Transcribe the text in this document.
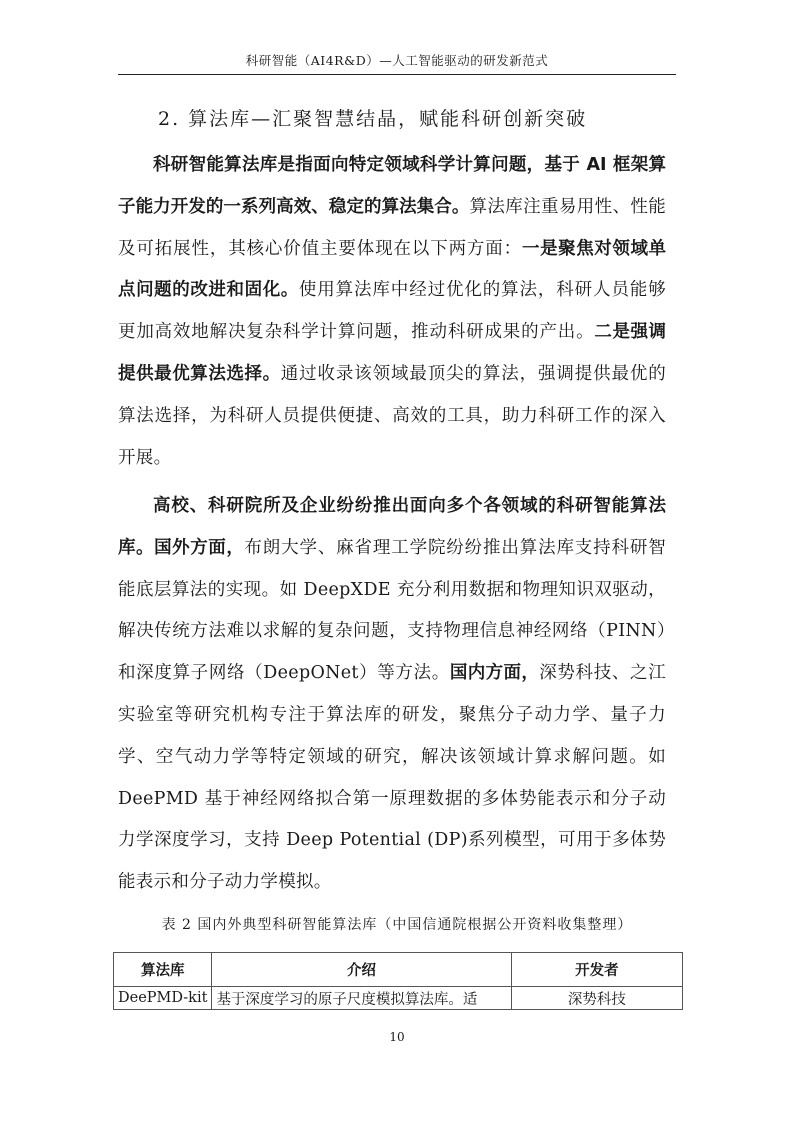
科研智能（AI4R&D）—人工智能驱动的研发新范式
2. 算法库—汇聚智慧结晶，赋能科研创新突破

科研智能算法库是指面向特定领域科学计算问题，基于 AI 框架算子能力开发的一系列高效、稳定的算法集合。算法库注重易用性、性能及可拓展性，其核心价值主要体现在以下两方面：一是聚焦对领域单点问题的改进和固化。使用算法库中经过优化的算法，科研人员能够更加高效地解决复杂科学计算问题，推动科研成果的产出。二是强调提供最优算法选择。通过收录该领域最顶尖的算法，强调提供最优的算法选择，为科研人员提供便捷、高效的工具，助力科研工作的深入开展。

高校、科研院所及企业纷纷推出面向多个各领域的科研智能算法库。国外方面，布朗大学、麻省理工学院纷纷推出算法库支持科研智能底层算法的实现。如 DeepXDE 充分利用数据和物理知识双驱动，解决传统方法难以求解的复杂问题，支持物理信息神经网络（PINN）和深度算子网络（DeepONet）等方法。国内方面，深势科技、之江实验室等研究机构专注于算法库的研发，聚焦分子动力学、量子力学、空气动力学等特定领域的研究，解决该领域计算求解问题。如 DeePMD 基于神经网络拟合第一原理数据的多体势能表示和分子动力学深度学习，支持 Deep Potential (DP)系列模型，可用于多体势能表示和分子动力学模拟。

表 2 国内外典型科研智能算法库（中国信通院根据公开资料收集整理）
算法库	介绍	开发者
DeePMD-kit	基于深度学习的原子尺度模拟算法库。适	深势科技
10
